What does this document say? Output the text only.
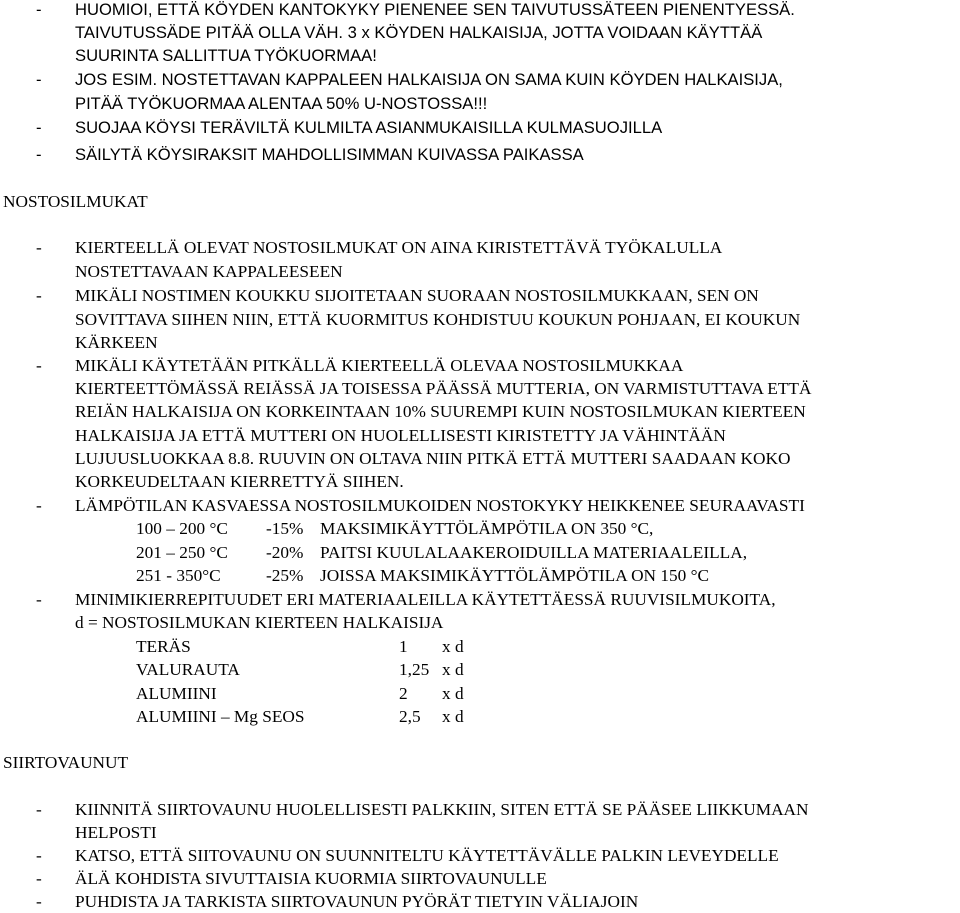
- HUOMIOI, ETTÄ KÖYDEN KANTOKYKY PIENENEE SEN TAIVUTUSSÄTEEN PIENENTYESSÄ.
TAIVUTUSSÄDE PITÄÄ OLLA VÄH. 3 x KÖYDEN HALKAISIJA, JOTTA VOIDAAN KÄYTTÄÄ
SUURINTA SALLITTUA TYÖKUORMAA!
- JOS ESIM. NOSTETTAVAN KAPPALEEN HALKAISIJA ON SAMA KUIN KÖYDEN HALKAISIJA,
PITÄÄ TYÖKUORMAA ALENTAA 50% U-NOSTOSSA!!!
- SUOJAA KÖYSI TERÄVILTÄ KULMILTA ASIANMUKAISILLA KULMASUOJILLA
- SÄILYTÄ KÖYSIRAKSIT MAHDOLLISIMMAN KUIVASSA PAIKASSA
NOSTOSILMUKAT
- KIERTEELLÄ OLEVAT NOSTOSILMUKAT ON AINA KIRISTETTÄVÄ TYÖKALULLA
NOSTETTAVAAN KAPPALEESEEN
- MIKÄLI NOSTIMEN KOUKKU SIJOITETAAN SUORAAN NOSTOSILMUKKAAN, SEN ON
SOVITTAVA SIIHEN NIIN, ETTÄ KUORMITUS KOHDISTUU KOUKUN POHJAAN, EI KOUKUN
KÄRKEEN
- MIKÄLI KÄYTETÄÄN PITKÄLLÄ KIERTEELLÄ OLEVAA NOSTOSILMUKKAA
KIERTEETTÖMÄSSÄ REIÄSSÄ JA TOISESSA PÄÄSSÄ MUTTERIA, ON VARMISTUTTAVA ETTÄ
REIÄN HALKAISIJA ON KORKEINTAAN 10% SUUREMPI KUIN NOSTOSILMUKAN KIERTEEN
HALKAISIJA JA ETTÄ MUTTERI ON HUOLELLISESTI KIRISTETTY JA VÄHINTÄÄN
LUJUUSLUOKKAA 8.8. RUUVIN ON OLTAVA NIIN PITKÄ ETTÄ MUTTERI SAADAAN KOKO
KORKEUDELTAAN KIERRETTYÄ SIIHEN.
- LÄMPÖTILAN KASVAESSA NOSTOSILMUKOIDEN NOSTOKYKY HEIKKENEE SEURAAVASTI
100 – 200 °C -15% MAKSIMIKÄYTTÖLÄMPÖTILA ON 350 °C,
201 – 250 °C -20% PAITSI KUULALAAKEROIDUILLA MATERIAALEILLA,
251 - 350°C	-25% JOISSA MAKSIMIKÄYTTÖLÄMPÖTILA ON 150 °C
- MINIMIKIERREPITUUDET ERI MATERIAALEILLA KÄYTETTÄESSÄ RUUVISILMUKOITA,
d = NOSTOSILMUKAN KIERTEEN HALKAISIJA
TERÄS	1 x d
VALURAUTA	1,25 x d
ALUMIINI	2 x d
ALUMIINI – Mg SEOS	2,5 x d
SIIRTOVAUNUT
- KIINNITÄ SIIRTOVAUNU HUOLELLISESTI PALKKIIN, SITEN ETTÄ SE PÄÄSEE LIIKKUMAAN
HELPOSTI
- KATSO, ETTÄ SIITOVAUNU ON SUUNNITELTU KÄYTETTÄVÄLLE PALKIN LEVEYDELLE
- ÄLÄ KOHDISTA SIVUTTAISIA KUORMIA SIIRTOVAUNULLE
- PUHDISTA JA TARKISTA SIIRTOVAUNUN PYÖRÄT TIETYIN VÄLIAJOIN
